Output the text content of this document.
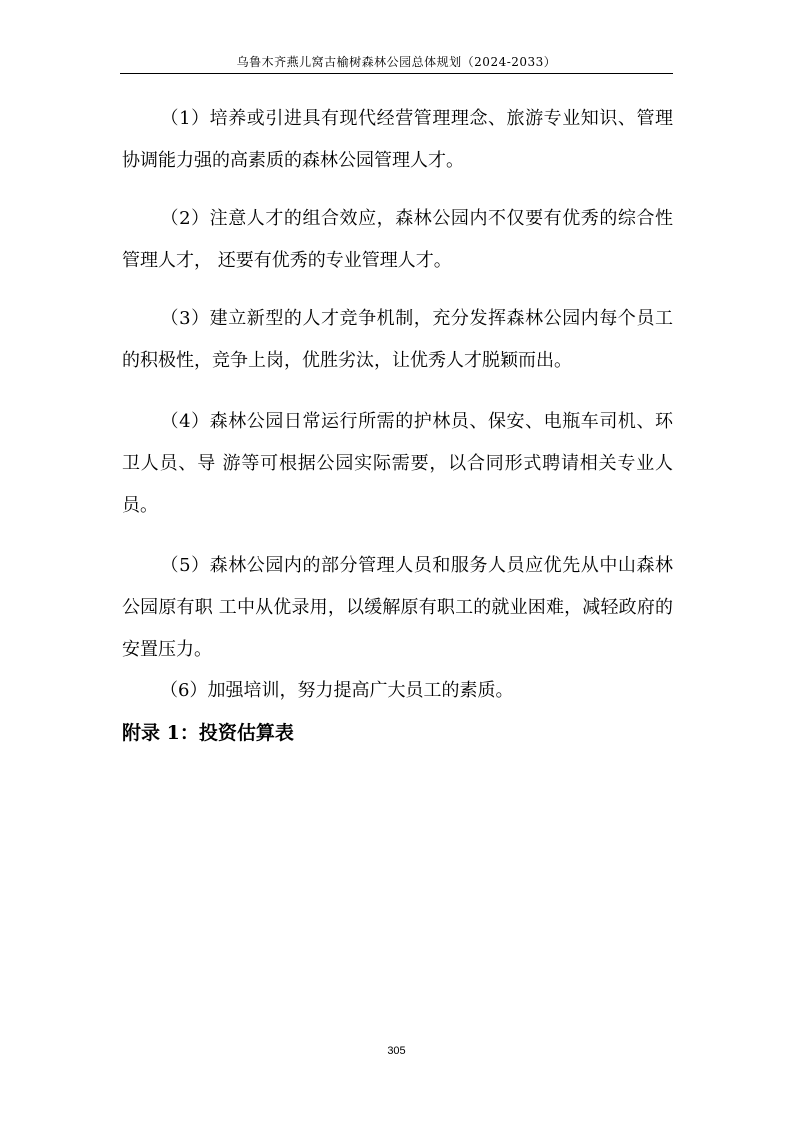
乌鲁木齐燕儿窝古榆树森林公园总体规划（2024-2033）
（1）培养或引进具有现代经营管理理念、旅游专业知识、管理协调能力强的高素质的森林公园管理人才。
（2）注意人才的组合效应，森林公园内不仅要有优秀的综合性管理人才， 还要有优秀的专业管理人才。
（3）建立新型的人才竞争机制，充分发挥森林公园内每个员工的积极性，竞争上岗，优胜劣汰，让优秀人才脱颖而出。
（4）森林公园日常运行所需的护林员、保安、电瓶车司机、环卫人员、导 游等可根据公园实际需要，以合同形式聘请相关专业人员。
（5）森林公园内的部分管理人员和服务人员应优先从中山森林公园原有职 工中从优录用，以缓解原有职工的就业困难，减轻政府的安置压力。
（6）加强培训，努力提高广大员工的素质。
附录 1：投资估算表
305
